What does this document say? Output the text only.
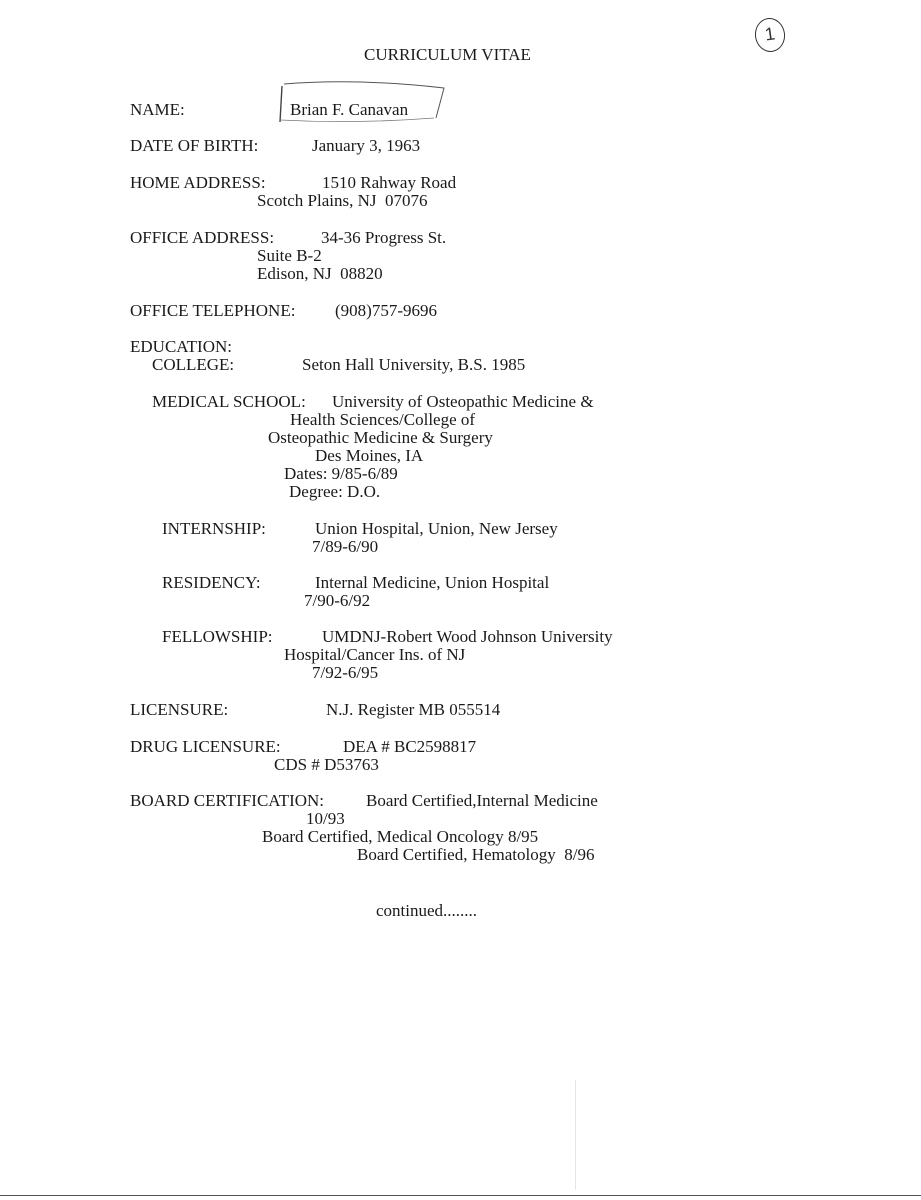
1
CURRICULUM VITAE
NAME:	Brian F. Canavan
DATE OF BIRTH:	January 3, 1963
HOME ADDRESS:	1510 Rahway Road
Scotch Plains, NJ  07076
OFFICE ADDRESS:	34-36 Progress St.
Suite B-2
Edison, NJ  08820
OFFICE TELEPHONE: (908)757-9696
EDUCATION:
COLLEGE:	Seton Hall University, B.S. 1985
MEDICAL SCHOOL: University of Osteopathic Medicine &
Health Sciences/College of
Osteopathic Medicine & Surgery
Des Moines, IA
Dates: 9/85-6/89
Degree: D.O.
INTERNSHIP:	Union Hospital, Union, New Jersey
7/89-6/90
RESIDENCY:	Internal Medicine, Union Hospital
7/90-6/92
FELLOWSHIP:	UMDNJ-Robert Wood Johnson University
Hospital/Cancer Ins. of NJ
7/92-6/95
LICENSURE:	N.J. Register MB 055514
DRUG LICENSURE:	DEA # BC2598817
CDS # D53763
BOARD CERTIFICATION: Board Certified,Internal Medicine
10/93
Board Certified, Medical Oncology 8/95
Board Certified, Hematology  8/96
continued........
